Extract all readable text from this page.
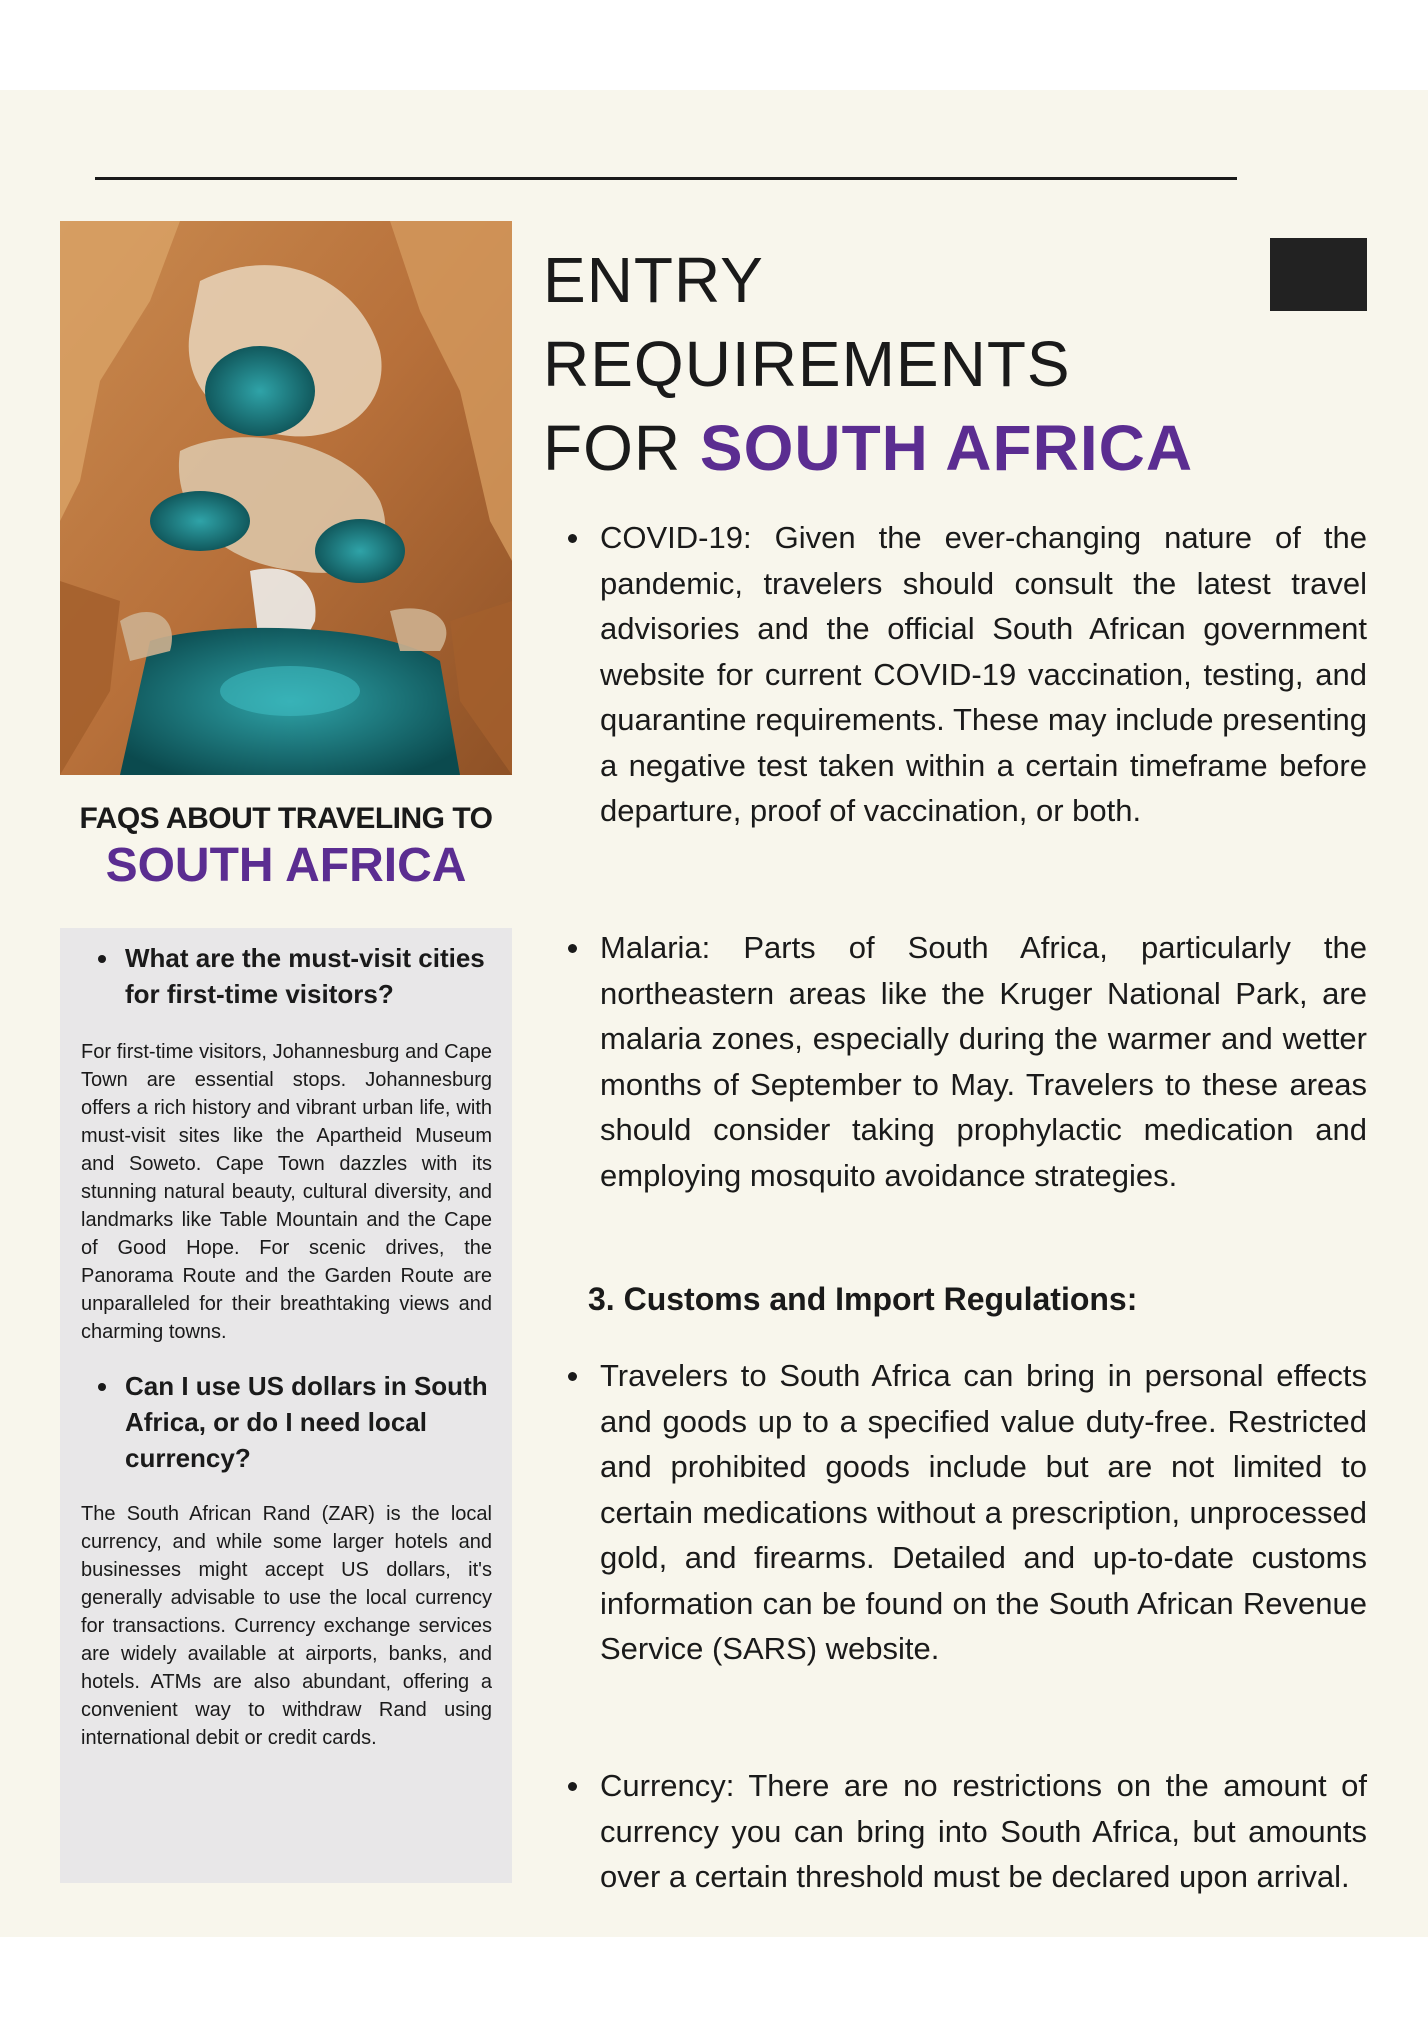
FAQS ABOUT TRAVELING TO
SOUTH AFRICA
What are the must-visit cities for first-time visitors?
For first-time visitors, Johannesburg and Cape Town are essential stops. Johannesburg offers a rich history and vibrant urban life, with must-visit sites like the Apartheid Museum and Soweto. Cape Town dazzles with its stunning natural beauty, cultural diversity, and landmarks like Table Mountain and the Cape of Good Hope. For scenic drives, the Panorama Route and the Garden Route are unparalleled for their breathtaking views and charming towns.
Can I use US dollars in South Africa, or do I need local currency?
The South African Rand (ZAR) is the local currency, and while some larger hotels and businesses might accept US dollars, it's generally advisable to use the local currency for transactions. Currency exchange services are widely available at airports, banks, and hotels. ATMs are also abundant, offering a convenient way to withdraw Rand using international debit or credit cards.
ENTRY REQUIREMENTS
FOR SOUTH AFRICA
COVID-19: Given the ever-changing nature of the pandemic, travelers should consult the latest travel advisories and the official South African government website for current COVID-19 vaccination, testing, and quarantine requirements. These may include presenting a negative test taken within a certain timeframe before departure, proof of vaccination, or both.
Malaria: Parts of South Africa, particularly the northeastern areas like the Kruger National Park, are malaria zones, especially during the warmer and wetter months of September to May. Travelers to these areas should consider taking prophylactic medication and employing mosquito avoidance strategies.
3. Customs and Import Regulations:
Travelers to South Africa can bring in personal effects and goods up to a specified value duty-free. Restricted and prohibited goods include but are not limited to certain medications without a prescription, unprocessed gold, and firearms. Detailed and up-to-date customs information can be found on the South African Revenue Service (SARS) website.
Currency: There are no restrictions on the amount of currency you can bring into South Africa, but amounts over a certain threshold must be declared upon arrival.
